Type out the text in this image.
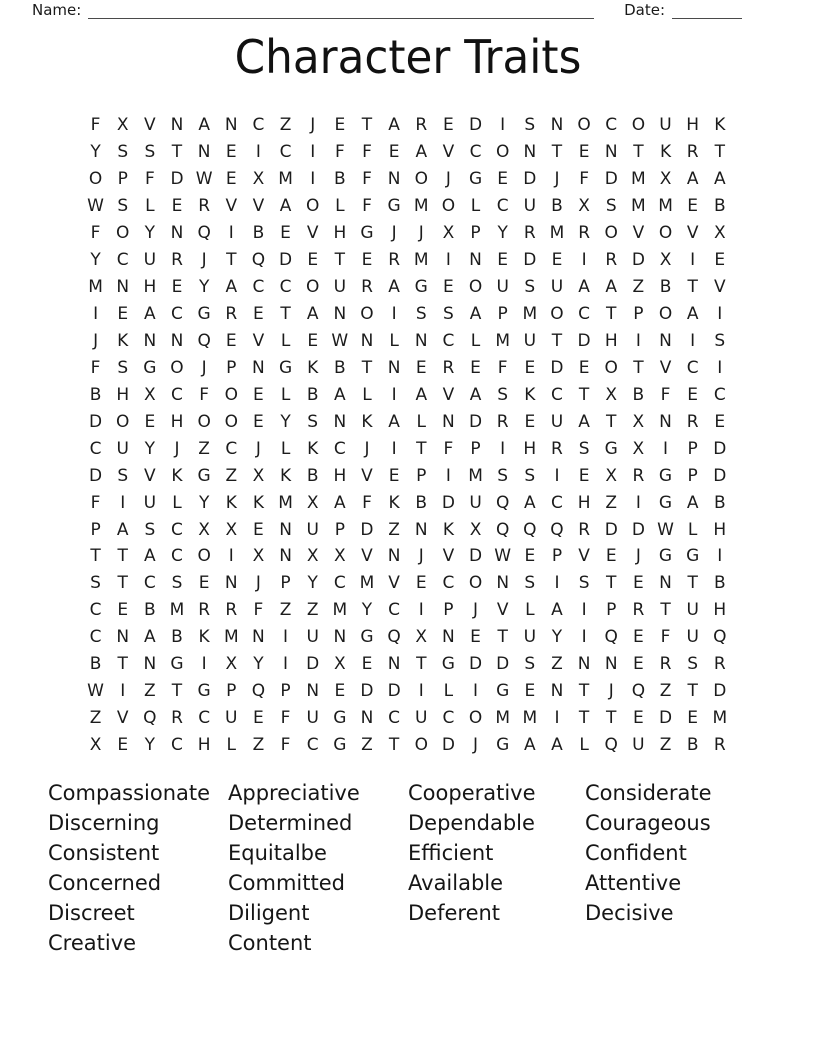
Name:	Date:
Character Traits
F X V N A N C Z	J	E T A R E D	I	S N O C O U H K
Y S S T N E	I	C	I	F	F E A V C O N T E N T K R T
O P	F D W E X M	I	B F N O	J	G E D	J	F D M X A A
W S	L	E R V V A O L	F G M O L C U B X S M M E B
F O Y N Q	I	B E V H G	J	J	X P Y R M R O V O V X
Y C U R	J	T Q D E T E R M	I	N E D E	I	R D X	I	E
M N H E Y A C C O U R A G E O U S U A A Z B T V
I	E A C G R E T A N O	I	S S A P M O C T P O A	I
J	K N N Q E V L	E W N L N C L M U T D H	I	N	I	S
F S G O	J	P N G K B T N E R E F E D E O T V C	I
B H X C F O E	L B A L	I	A V A S K C T X B F E C
D O E H O O E Y S N K A L N D R E U A T X N R E
C U Y	J	Z C	J	L K C	J	I	T	F	P	I	H R S G X	I	P D
D S V K G Z X K B H V E P	I	M S S	I	E X R G P D
F	I	U L	Y K K M X A F K B D U Q A C H Z	I	G A B
P A S C X X E N U P D Z N K X Q Q Q R D D W L H
T T A C O	I	X N X X V N	J	V D W E P V E	J	G G	I
S T C S E N	J	P Y C M V E C O N S	I	S T E N T B
C E B M R R F Z Z M Y C	I	P	J	V L A	I	P R T U H
C N A B K M N	I	U N G Q X N E T U Y	I	Q E F U Q
B T N G	I	X Y	I	D X E N T G D D S Z N N E R S R
W I	Z T G P Q P N E D D	I	L	I	G E N T	J	Q Z T D
Z V Q R C U E F U G N C U C O M M	I	T T E D E M
X E Y C H L Z F C G Z T O D	J	G A A L Q U Z B R
Compassionate
Discerning
Consistent
Concerned
Discreet
Creative
Appreciative
Determined
Equitalbe
Committed
Diligent
Content
Cooperative
Dependable
Efficient
Available
Deferent
Considerate
Courageous
Confident
Attentive
Decisive
